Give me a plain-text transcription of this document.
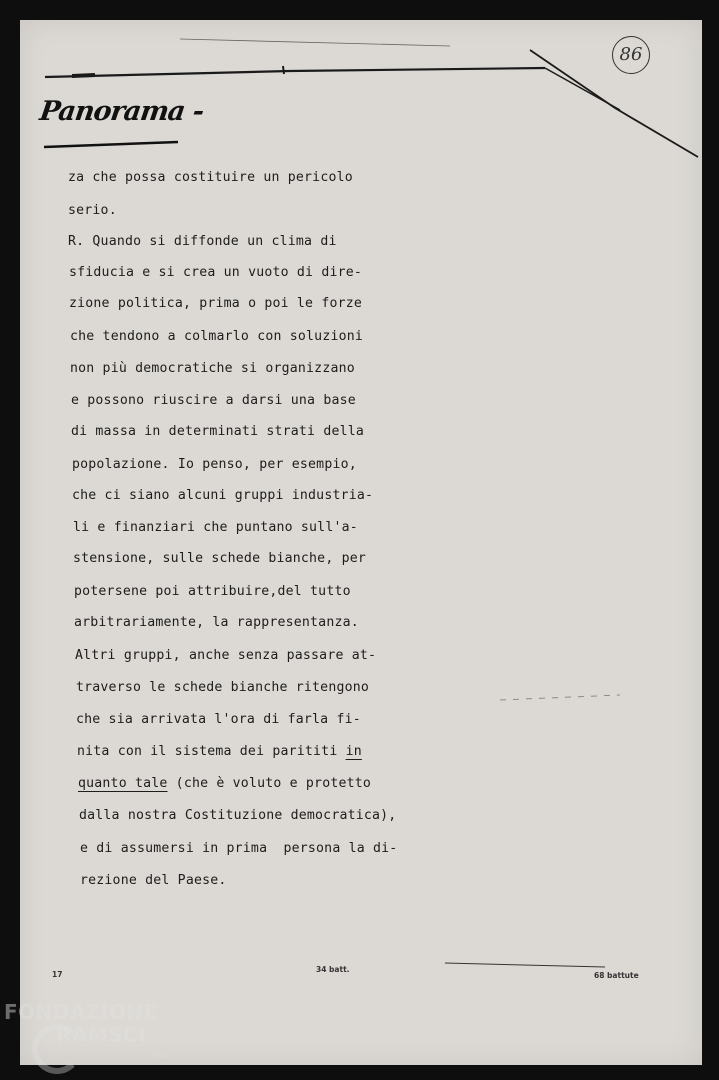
86
Panorama -
za che possa costituire un pericolo
serio.
R. Quando si diffonde un clima di
sfiducia e si crea un vuoto di dire-
zione politica, prima o poi le forze
che tendono a colmarlo con soluzioni
non più democratiche si organizzano
e possono riuscire a darsi una base
di massa in determinati strati della
popolazione. Io penso, per esempio,
che ci siano alcuni gruppi industria-
li e finanziari che puntano sull'a-
stensione, sulle schede bianche, per
potersene poi attribuire,del tutto
arbitrariamente, la rappresentanza.
Altri gruppi, anche senza passare at-
traverso le schede bianche ritengono
che sia arrivata l'ora di farla fi-
nita con il sistema dei parititi in
quanto tale (che è voluto e protetto
dalla nostra Costituzione democratica),
e di assumersi in prima  persona la di-
rezione del Paese.
17
34 batt.
68 battute
FONDAZIONE
RAMSCI
onlus
